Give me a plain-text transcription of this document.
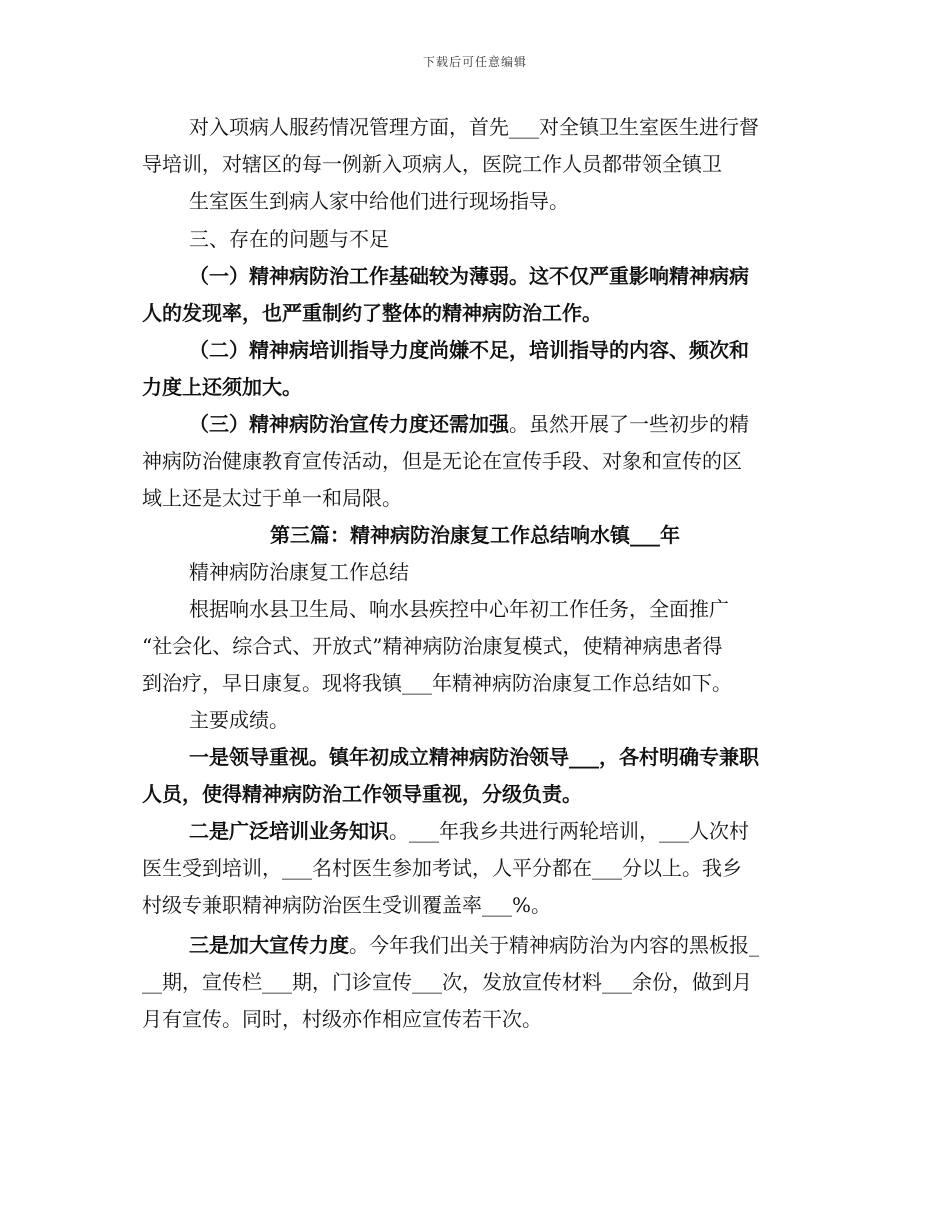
下载后可任意编辑
对入项病人服药情况管理方面，首先___对全镇卫生室医生进行督
导培训，对辖区的每一例新入项病人，医院工作人员都带领全镇卫
生室医生到病人家中给他们进行现场指导。
三、存在的问题与不足
（一）精神病防治工作基础较为薄弱。这不仅严重影响精神病病
人的发现率，也严重制约了整体的精神病防治工作。
（二）精神病培训指导力度尚嫌不足，培训指导的内容、频次和
力度上还须加大。
（三）精神病防治宣传力度还需加强。虽然开展了一些初步的精
神病防治健康教育宣传活动，但是无论在宣传手段、对象和宣传的区
域上还是太过于单一和局限。
第三篇：精神病防治康复工作总结响水镇___年
精神病防治康复工作总结
根据响水县卫生局、响水县疾控中心年初工作任务，全面推广
“社会化、综合式、开放式”精神病防治康复模式，使精神病患者得
到治疗，早日康复。现将我镇___年精神病防治康复工作总结如下。
主要成绩。
一是领导重视。镇年初成立精神病防治领导___，各村明确专兼职
人员，使得精神病防治工作领导重视，分级负责。
二是广泛培训业务知识。___年我乡共进行两轮培训，___人次村
医生受到培训，___名村医生参加考试，人平分都在___分以上。我乡
村级专兼职精神病防治医生受训覆盖率___%。
三是加大宣传力度。今年我们出关于精神病防治为内容的黑板报_
__期，宣传栏___期，门诊宣传___次，发放宣传材料___余份，做到月
月有宣传。同时，村级亦作相应宣传若干次。
